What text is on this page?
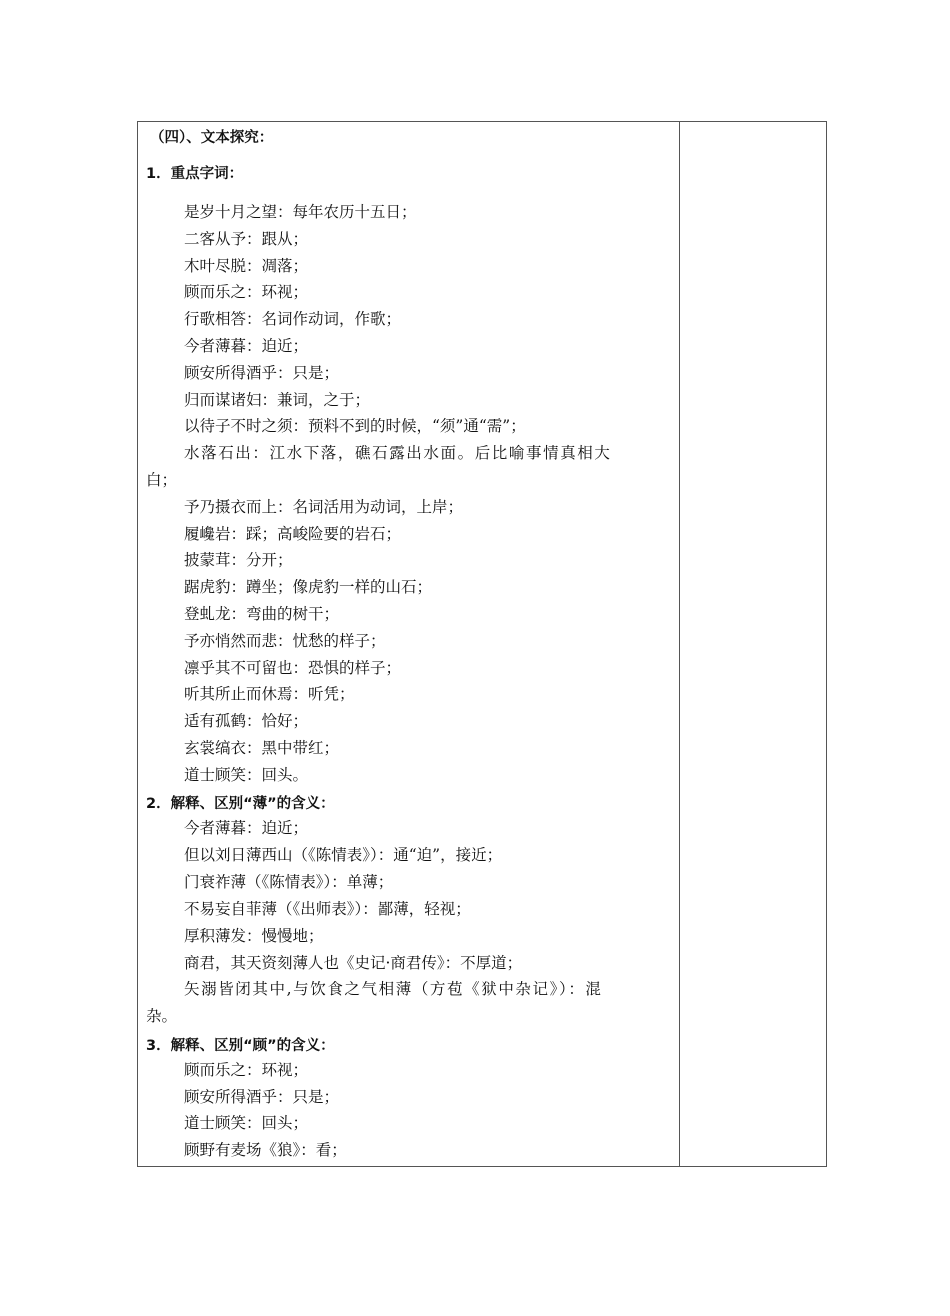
（四）、文本探究：
1．重点字词：
是岁十月之望：每年农历十五日；
二客从予：跟从；
木叶尽脱：凋落；
顾而乐之：环视；
行歌相答：名词作动词，作歌；
今者薄暮：迫近；
顾安所得酒乎：只是；
归而谋诸妇：兼词，之于；
以待子不时之须：预料不到的时候，“须”通“需”；
水落石出：江水下落，礁石露出水面。后比喻事情真相大
白；
予乃摄衣而上：名词活用为动词，上岸；
履巉岩：踩；高峻险要的岩石；
披蒙茸：分开；
踞虎豹：蹲坐；像虎豹一样的山石；
登虬龙：弯曲的树干；
予亦悄然而悲：忧愁的样子；
凛乎其不可留也：恐惧的样子；
听其所止而休焉：听凭；
适有孤鹤：恰好；
玄裳缟衣：黑中带红；
道士顾笑：回头。
2．解释、区别“薄”的含义：
今者薄暮：迫近；
但以刘日薄西山（《陈情表》）：通“迫”，接近；
门衰祚薄（《陈情表》）：单薄；
不易妄自菲薄（《出师表》）：鄙薄，轻视；
厚积薄发：慢慢地；
商君，其天资刻薄人也《史记·商君传》：不厚道；
矢溺皆闭其中,与饮食之气相薄（方苞《狱中杂记》）：混
杂。
3．解释、区别“顾”的含义：
顾而乐之：环视；
顾安所得酒乎：只是；
道士顾笑：回头；
顾野有麦场《狼》：看；
